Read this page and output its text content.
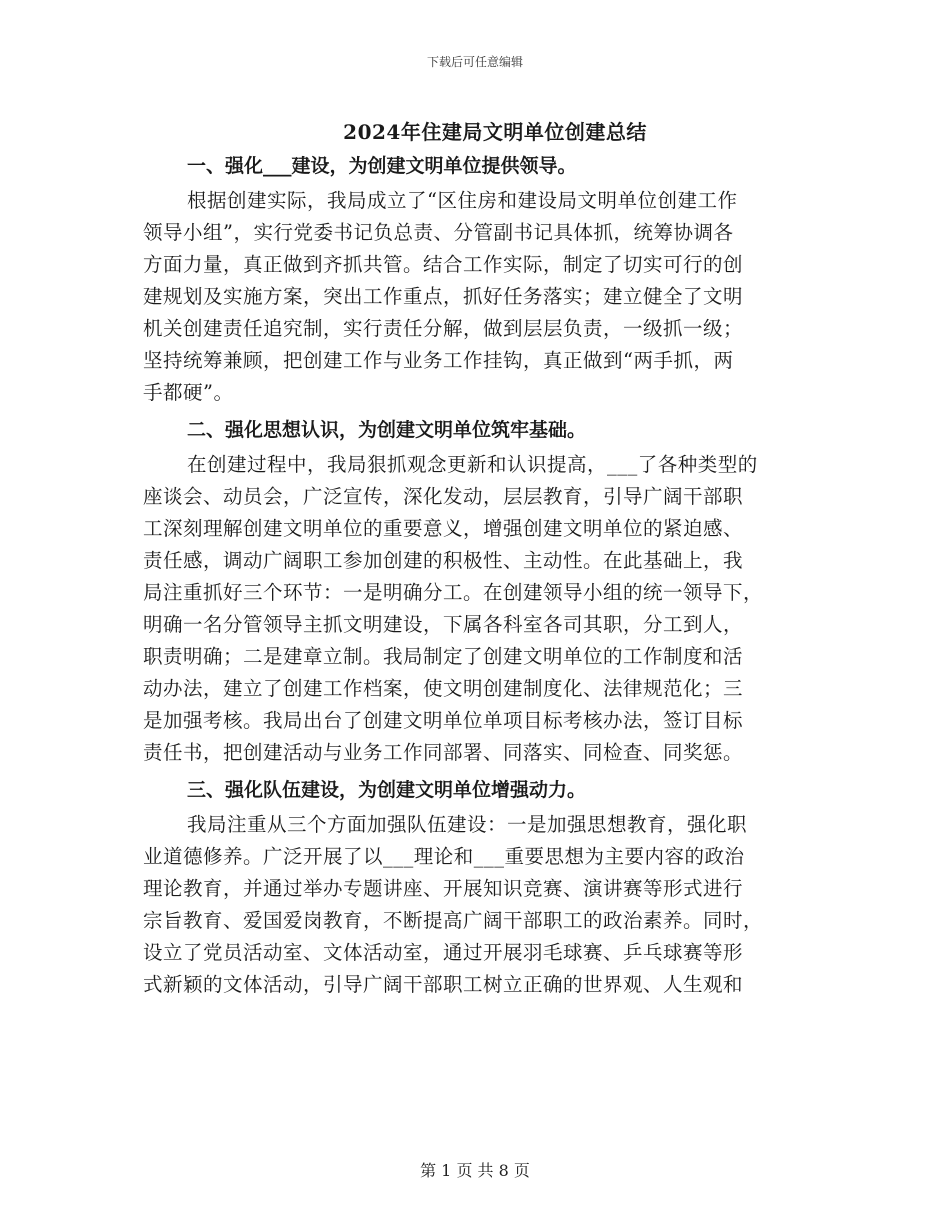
下载后可任意编辑
2024年住建局文明单位创建总结
一、强化___建设，为创建文明单位提供领导。
根据创建实际，我局成立了“区住房和建设局文明单位创建工作
领导小组”，实行党委书记负总责、分管副书记具体抓，统筹协调各
方面力量，真正做到齐抓共管。结合工作实际，制定了切实可行的创
建规划及实施方案，突出工作重点，抓好任务落实；建立健全了文明
机关创建责任追究制，实行责任分解，做到层层负责，一级抓一级；
坚持统筹兼顾，把创建工作与业务工作挂钩，真正做到“两手抓，两
手都硬”。
二、强化思想认识，为创建文明单位筑牢基础。
在创建过程中，我局狠抓观念更新和认识提高，___了各种类型的
座谈会、动员会，广泛宣传，深化发动，层层教育，引导广阔干部职
工深刻理解创建文明单位的重要意义，增强创建文明单位的紧迫感、
责任感，调动广阔职工参加创建的积极性、主动性。在此基础上，我
局注重抓好三个环节：一是明确分工。在创建领导小组的统一领导下，
明确一名分管领导主抓文明建设，下属各科室各司其职，分工到人，
职责明确；二是建章立制。我局制定了创建文明单位的工作制度和活
动办法，建立了创建工作档案，使文明创建制度化、法律规范化；三
是加强考核。我局出台了创建文明单位单项目标考核办法，签订目标
责任书，把创建活动与业务工作同部署、同落实、同检查、同奖惩。
三、强化队伍建设，为创建文明单位增强动力。
我局注重从三个方面加强队伍建设：一是加强思想教育，强化职
业道德修养。广泛开展了以___理论和___重要思想为主要内容的政治
理论教育，并通过举办专题讲座、开展知识竞赛、演讲赛等形式进行
宗旨教育、爱国爱岗教育，不断提高广阔干部职工的政治素养。同时，
设立了党员活动室、文体活动室，通过开展羽毛球赛、乒乓球赛等形
式新颖的文体活动，引导广阔干部职工树立正确的世界观、人生观和
第 1 页 共 8 页
